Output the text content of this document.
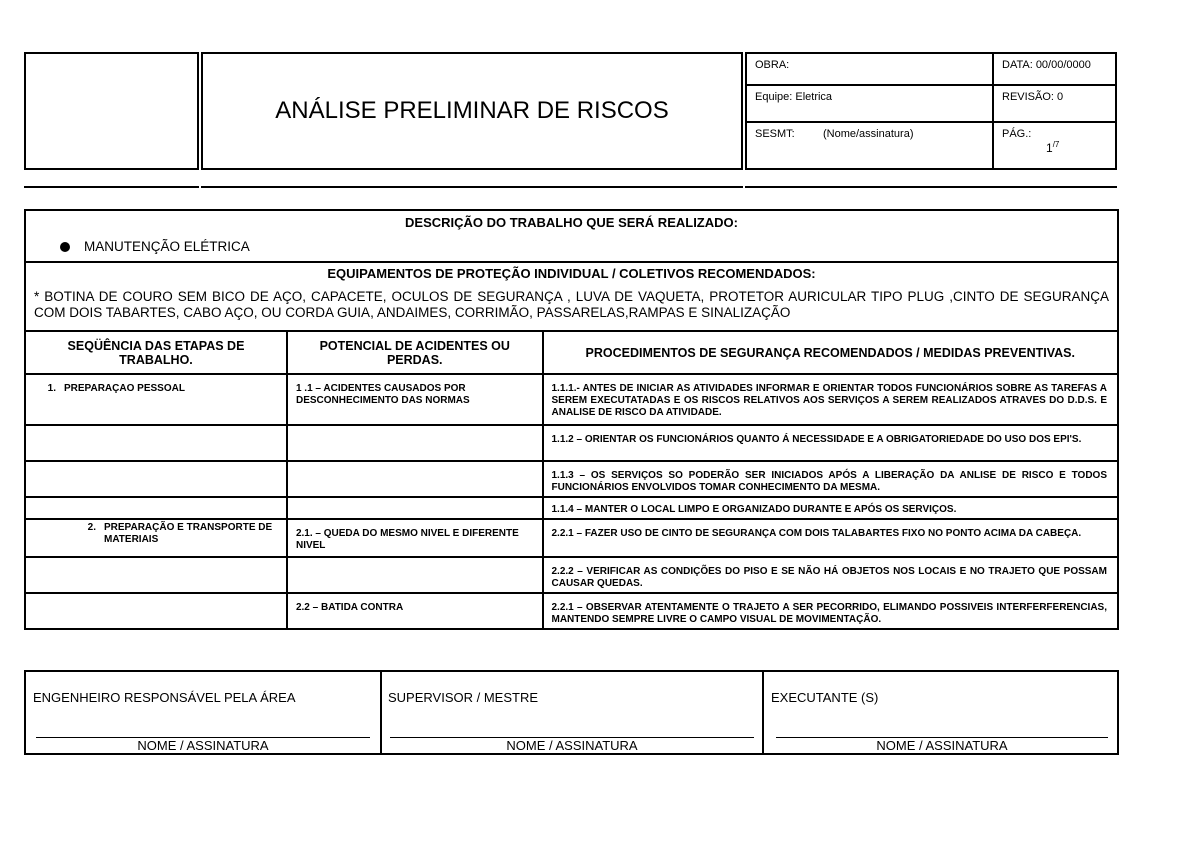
ANÁLISE PRELIMINAR DE RISCOS
OBRA:	DATA: 00/00/0000
Equipe: Eletrica	REVISÃO: 0
SESMT:	(Nome/assinatura)	PÁG.:
$1^{/7}$
DESCRIÇÃO DO TRABALHO QUE SERÁ REALIZADO:
MANUTENÇÃO ELÉTRICA
EQUIPAMENTOS DE PROTEÇÃO INDIVIDUAL / COLETIVOS RECOMENDADOS:
* BOTINA DE COURO SEM BICO DE AÇO, CAPACETE, OCULOS DE SEGURANÇA , LUVA DE VAQUETA, PROTETOR AURICULAR TIPO PLUG ,CINTO DE SEGURANÇA COM DOIS TABARTES, CABO AÇO, OU CORDA GUIA, ANDAIMES, CORRIMÃO, PASSARELAS,RAMPAS E SINALIZAÇÃO
SEQÜÊNCIA DAS ETAPAS DE TRABALHO.	POTENCIAL DE ACIDENTES OU PERDAS.	PROCEDIMENTOS DE SEGURANÇA RECOMENDADOS / MEDIDAS PREVENTIVAS.
1. PREPARAÇAO PESSOAL	1 .1 – ACIDENTES CAUSADOS POR DESCONHECIMENTO DAS NORMAS	1.1.1.- ANTES DE INICIAR AS ATIVIDADES INFORMAR E ORIENTAR TODOS FUNCIONÁRIOS SOBRE AS TAREFAS A SEREM EXECUTATADAS E OS RISCOS RELATIVOS AOS SERVIÇOS A SEREM REALIZADOS ATRAVES DO D.D.S. E ANALISE DE RISCO DA ATIVIDADE.
		1.1.2 – ORIENTAR OS FUNCIONÁRIOS QUANTO Á NECESSIDADE E A OBRIGATORIEDADE DO USO DOS EPI'S.
		1.1.3 – OS SERVIÇOS SO PODERÃO SER INICIADOS APÓS A LIBERAÇÃO DA ANLISE DE RISCO E TODOS FUNCIONÁRIOS ENVOLVIDOS TOMAR CONHECIMENTO DA MESMA.
		1.1.4 – MANTER O LOCAL LIMPO E ORGANIZADO DURANTE E APÓS OS SERVIÇOS.

2. PREPARAÇÃO E TRANSPORTE DE MATERIAIS	2.1. – QUEDA DO MESMO NIVEL E DIFERENTE NIVEL	2.2.1 – FAZER USO DE CINTO DE SEGURANÇA COM DOIS TALABARTES FIXO NO PONTO ACIMA DA CABEÇA.
		2.2.2 – VERIFICAR AS CONDIÇÕES DO PISO E SE NÃO HÁ OBJETOS NOS LOCAIS E NO TRAJETO QUE POSSAM CAUSAR QUEDAS.
	2.2 – BATIDA CONTRA	2.2.1 – OBSERVAR ATENTAMENTE O TRAJETO A SER PECORRIDO, ELIMANDO POSSIVEIS INTERFERFERENCIAS, MANTENDO SEMPRE LIVRE O CAMPO VISUAL DE MOVIMENTAÇÃO.
ENGENHEIRO RESPONSÁVEL PELA ÁREA
NOME / ASSINATURA
SUPERVISOR / MESTRE
NOME / ASSINATURA
EXECUTANTE (S)
NOME / ASSINATURA
